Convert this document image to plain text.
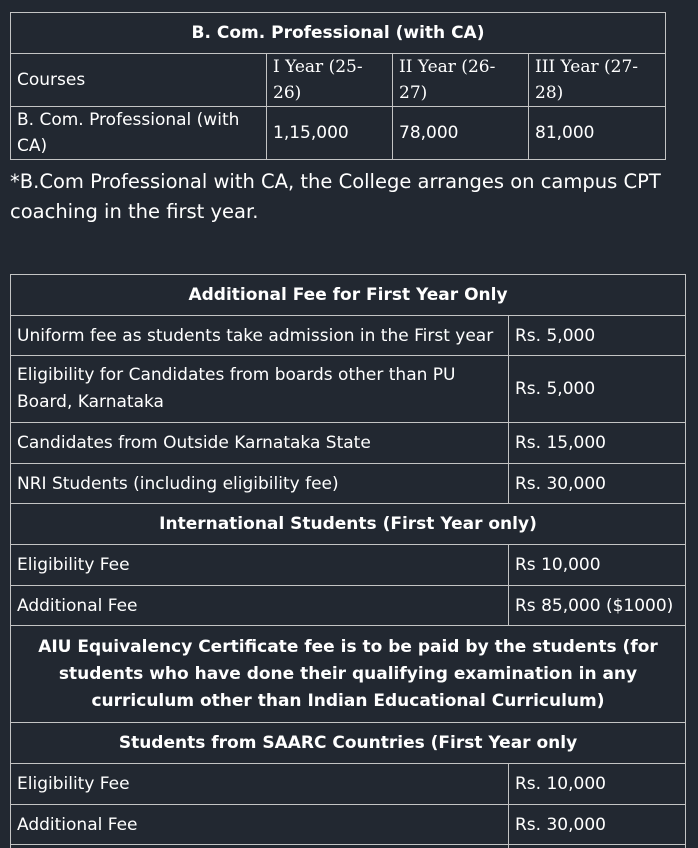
B. Com. Professional (with CA)			
Courses	I Year (25-26)	II Year (26-27)	III Year (27-28)
B. Com. Professional (with CA)	1,15,000	78,000	81,000
*B.Com Professional with CA, the College arranges on campus CPT coaching in the first year.
Additional Fee for First Year Only	
Uniform fee as students take admission in the First year	Rs. 5,000
Eligibility for Candidates from boards other than PU Board, Karnataka	Rs. 5,000
Candidates from Outside Karnataka State	Rs. 15,000
NRI Students (including eligibility fee)	Rs. 30,000
International Students (First Year only)	
Eligibility Fee	Rs 10,000
Additional Fee	Rs 85,000 ($1000)
AIU Equivalency Certificate fee is to be paid by the students (for students who have done their qualifying examination in any curriculum other than Indian Educational Curriculum)	
Students from SAARC Countries (First Year only	
Eligibility Fee	Rs. 10,000
Additional Fee	Rs. 30,000
